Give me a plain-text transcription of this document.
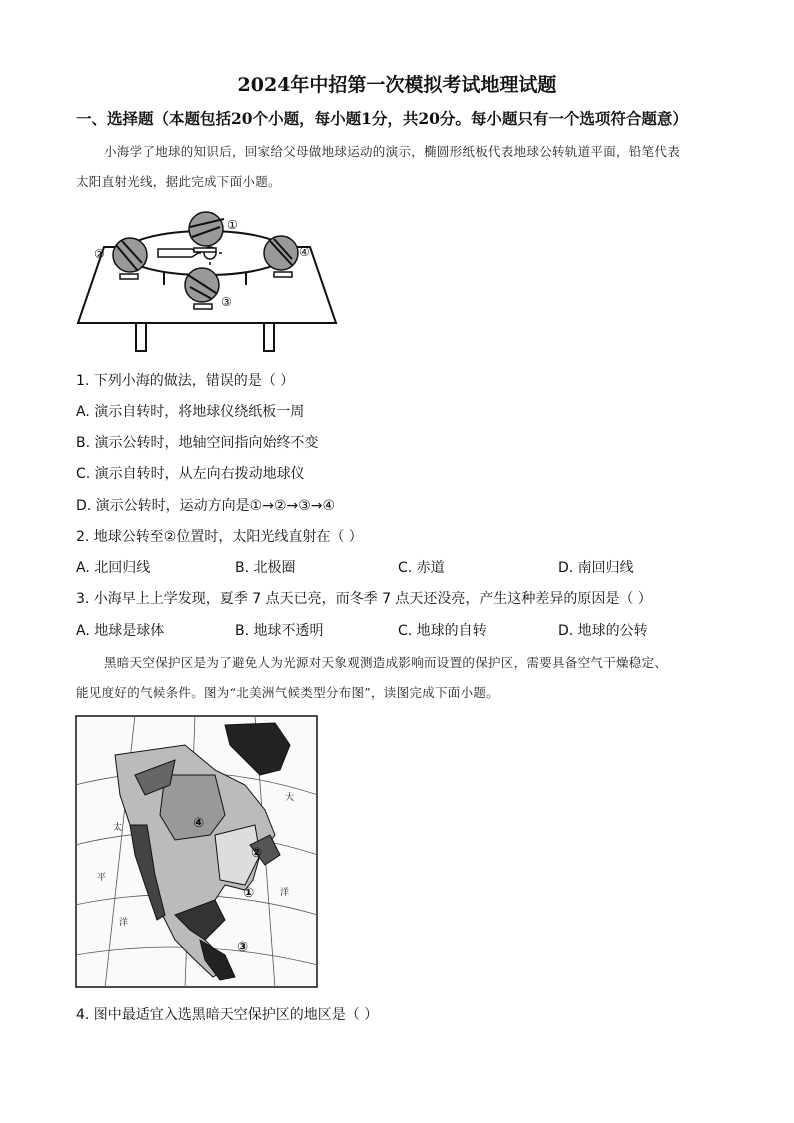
2024年中招第一次模拟考试地理试题
一、选择题（本题包括20个小题，每小题1分，共20分。每小题只有一个选项符合题意）
小海学了地球的知识后，回家给父母做地球运动的演示，椭圆形纸板代表地球公转轨道平面，铅笔代表
太阳直射光线，据此完成下面小题。
①
②
③
④
1. 下列小海的做法，错误的是（ ）
A. 演示自转时，将地球仪绕纸板一周
B. 演示公转时，地轴空间指向始终不变
C. 演示自转时，从左向右拨动地球仪
D. 演示公转时，运动方向是①→②→③→④
2. 地球公转至②位置时，太阳光线直射在（ ）
A. 北回归线	B. 北极圈	C. 赤道	D. 南回归线
3. 小海早上上学发现，夏季 7 点天已亮，而冬季 7 点天还没亮，产生这种差异的原因是（ ）
A. 地球是球体	B. 地球不透明	C. 地球的自转	D. 地球的公转
黑暗天空保护区是为了避免人为光源对天象观测造成影响而设置的保护区，需要具备空气干燥稳定、
能见度好的气候条件。图为“北美洲气候类型分布图”，读图完成下面小题。
①
②
③
④
太
平
洋
大
洋
4. 图中最适宜入选黑暗天空保护区的地区是（ ）
